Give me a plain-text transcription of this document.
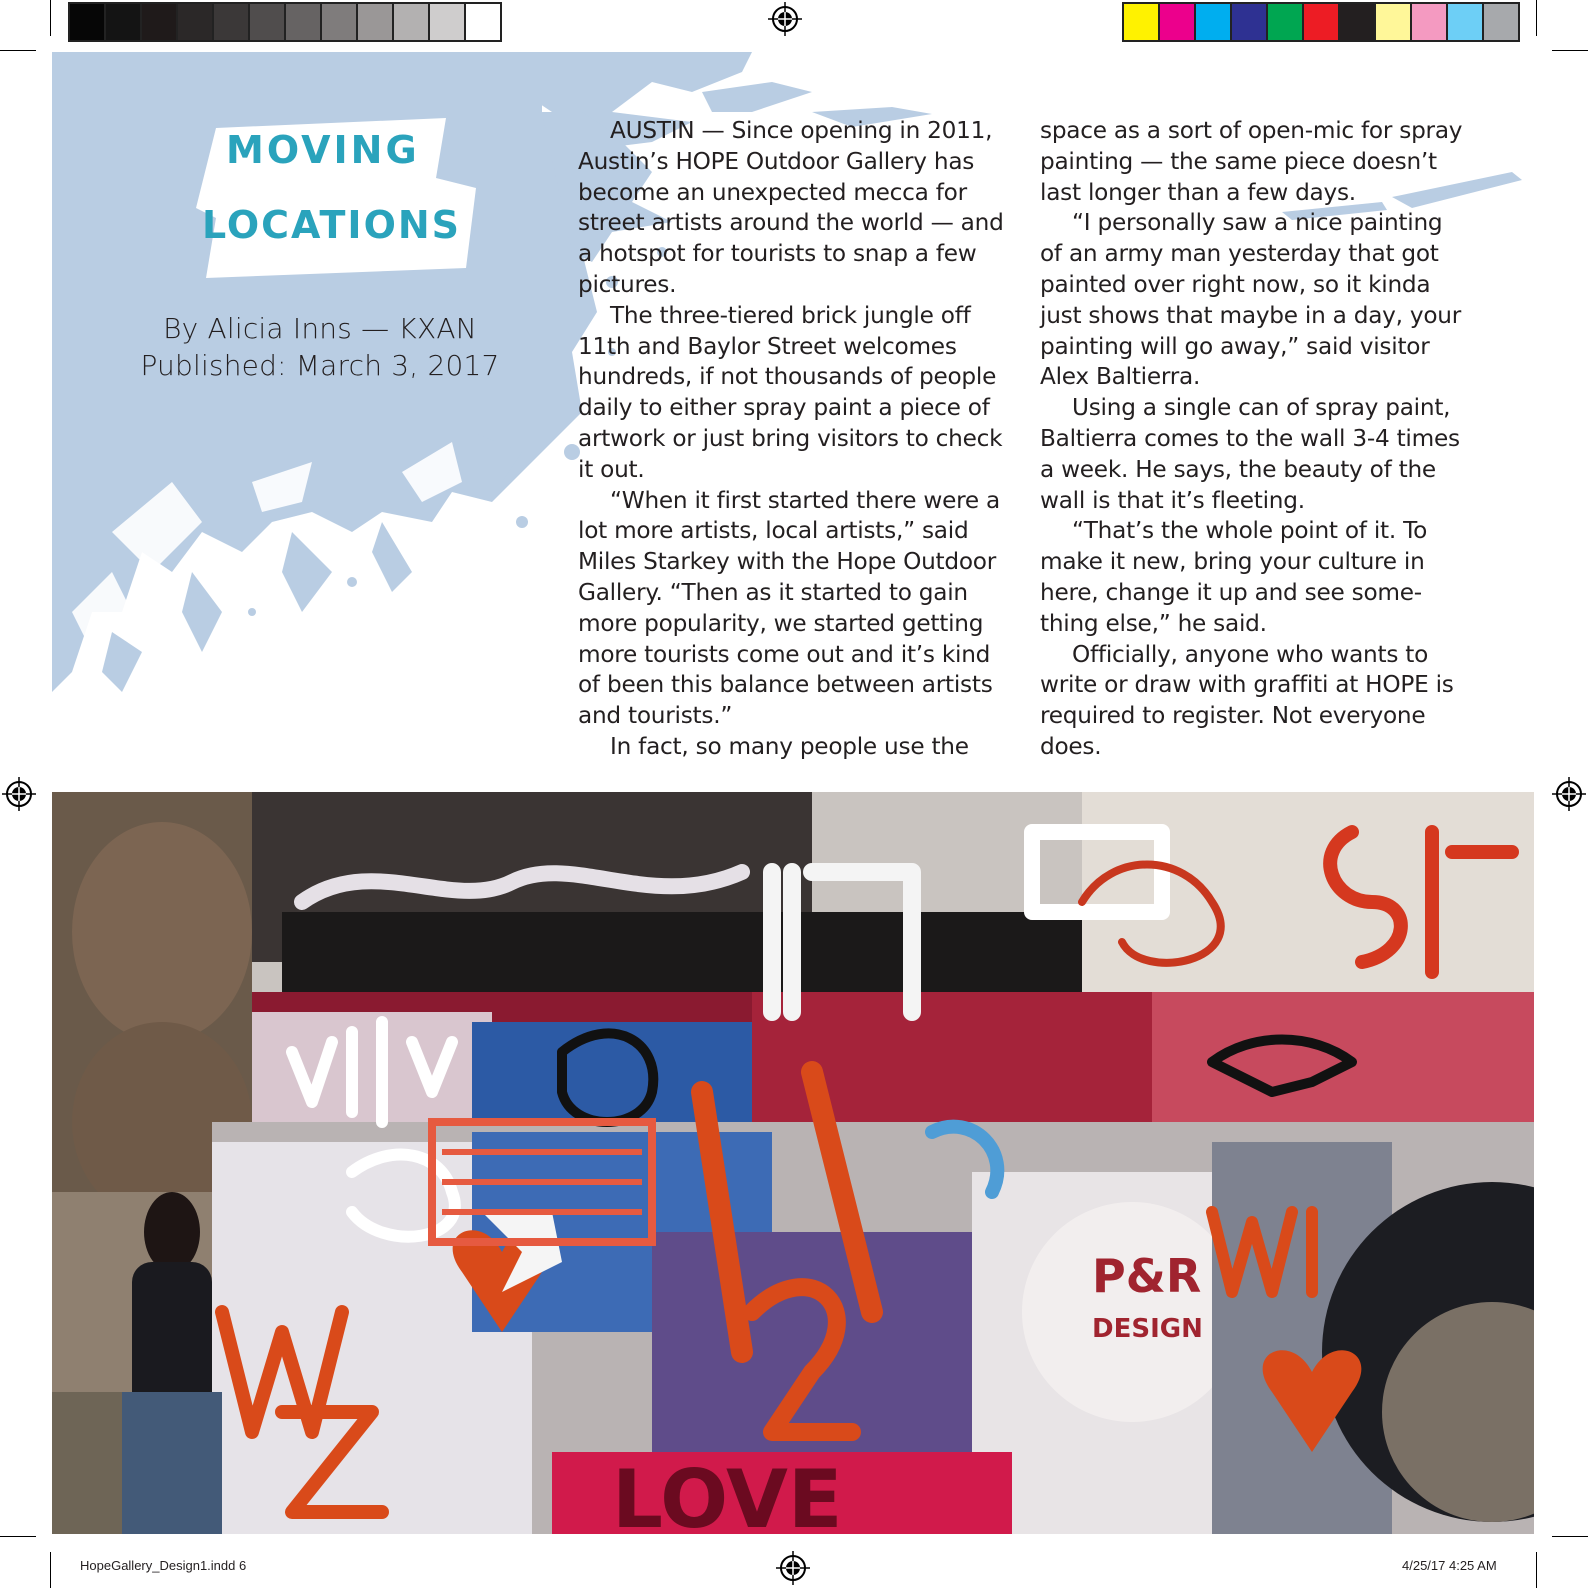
MOVING
LOCATIONS
By Alicia Inns — KXAN
Published: March 3, 2017

AUSTIN — Since opening in 2011, Austin’s HOPE Outdoor Gallery has become an unexpected mecca for street artists around the world — and a hotspot for tourists to snap a few pictures.

The three-tiered brick jungle off 11th and Baylor Street welcomes hundreds, if not thousands of people daily to either spray paint a piece of artwork or just bring visitors to check it out.

“When it first started there were a lot more artists, local artists,” said Miles Starkey with the Hope Outdoor Gallery. “Then as it started to gain more popularity, we started getting more tourists come out and it’s kind of been this balance between artists and tourists.”

In fact, so many people use the

space as a sort of open-mic for spray painting — the same piece doesn’t last longer than a few days.

“I personally saw a nice painting of an army man yesterday that got painted over right now, so it kinda just shows that maybe in a day, your painting will go away,” said visitor Alex Baltierra.

Using a single can of spray paint, Baltierra comes to the wall 3-4 times a week. He says, the beauty of the wall is that it’s fleeting.

“That’s the whole point of it. To make it new, bring your culture in here, change it up and see some-thing else,” he said.

Officially, anyone who wants to write or draw with graffiti at HOPE is required to register. Not everyone does.

P&R
DESIGN
LOVE
HopeGallery_Design1.indd 6	4/25/17 4:25 AM
